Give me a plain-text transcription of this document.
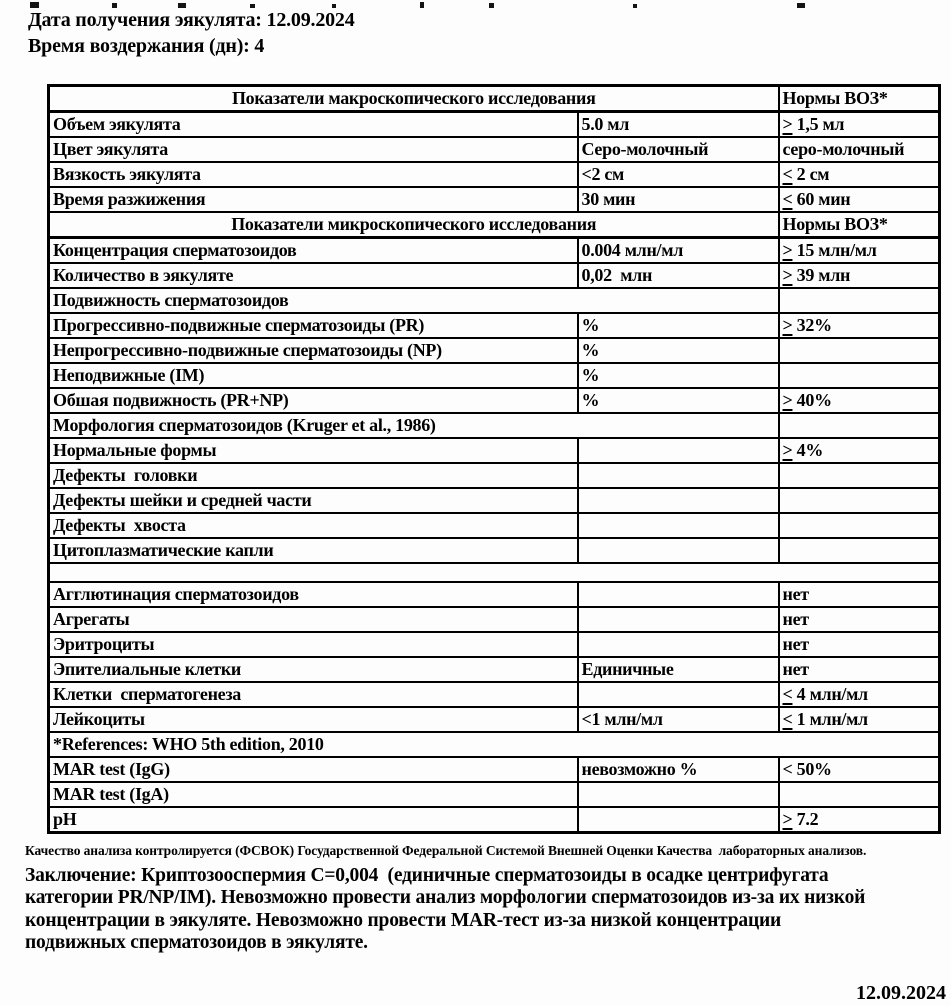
Дата получения эякулята: 12.09.2024
Время воздержания (дн): 4
Показатели макроскопического исследования		Нормы ВОЗ*
Объем эякулята	5.0 мл	> 1,5 мл
Цвет эякулята	Серо-молочный	серо-молочный
Вязкость эякулята	<2 см	< 2 см
Время разжижения	30 мин	< 60 мин
Показатели микроскопического исследования		Нормы ВОЗ*
Концентрация сперматозоидов	0.004 млн/мл	> 15 млн/мл
Количество в эякуляте	0,02  млн	> 39 млн
Подвижность сперматозоидов		
Прогрессивно-подвижные сперматозоиды (PR)	%	> 32%
Непрогрессивно-подвижные сперматозоиды (NP)	%	
Неподвижные (IM)	%	
Обшая подвижность (PR+NP)	%	> 40%
Морфология сперматозоидов (Kruger et al., 1986)		
Нормальные формы		> 4%
Дефекты  головки		
Дефекты шейки и средней части		
Дефекты  хвоста		
Цитоплазматические капли		

Агглютинация сперматозоидов		нет
Агрегаты		нет
Эритроциты		нет
Эпителиальные клетки	Единичные	нет
Клетки  сперматогенеза		< 4 млн/мл
Лейкоциты	<1 млн/мл	< 1 млн/мл
*References: WHO 5th edition, 2010		
MAR test (IgG)	невозможно %	< 50%
MAR test (IgA)		
pH		> 7.2
Качество анализа контролируется (ФСВОК) Государственной Федеральной Системой Внешней Оценки Качества  лабораторных анализов.
Заключение: Криптозооспермия С=0,004  (единичные сперматозоиды в осадке центрифугата категории PR/NP/IM). Невозможно провести анализ морфологии сперматозоидов из-за их низкой концентрации в эякуляте. Невозможно провести MAR-тест из-за низкой концентрации подвижных сперматозоидов в эякуляте.
12.09.2024
